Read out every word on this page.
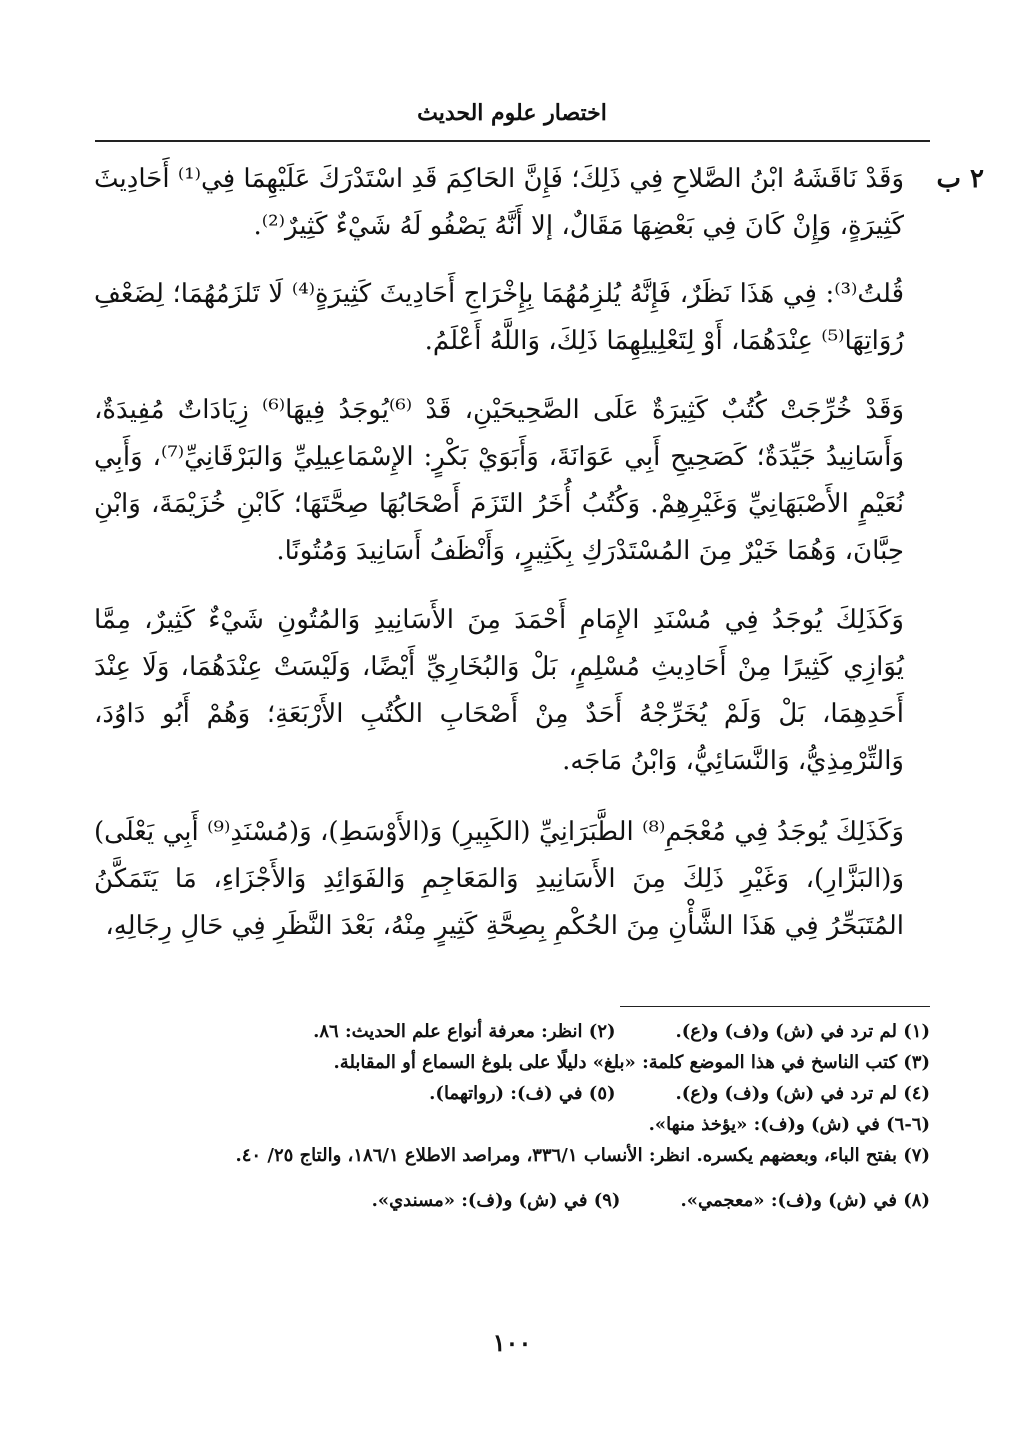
اختصار علوم الحديث
٢ ب

وَقَدْ نَاقَشَهُ ابْنُ الصَّلاحِ فِي ذَلِكَ؛ فَإِنَّ الحَاكِمَ قَدِ اسْتَدْرَكَ عَلَيْهِمَا فِي⁽¹⁾ أَحَادِيثَ كَثِيرَةٍ، وَإِنْ كَانَ فِي بَعْضِهَا مَقَالٌ، إلا أَنَّهُ يَصْفُو لَهُ شَيْءٌ كَثِيرٌ⁽²⁾.

قُلتُ⁽³⁾: فِي هَذَا نَظَرٌ، فَإِنَّهُ يُلزِمُهُمَا بِإِخْرَاجِ أَحَادِيثَ كَثِيرَةٍ⁽⁴⁾ لَا تَلزَمُهُمَا؛ لِضَعْفِ رُوَاتِهَا⁽⁵⁾ عِنْدَهُمَا، أَوْ لِتَعْلِيلِهِمَا ذَلِكَ، وَاللَّهُ أَعْلَمُ.

وَقَدْ خُرِّجَتْ كُتُبٌ كَثِيرَةٌ عَلَى الصَّحِيحَيْنِ، قَدْ ⁽⁶⁾يُوجَدُ فِيهَا⁽⁶⁾ زِيَادَاتٌ مُفِيدَةٌ، وَأَسَانِيدُ جَيِّدَةٌ؛ كَصَحِيحِ أَبِي عَوَانَةَ، وَأَبَوَيْ بَكْرٍ: الإِسْمَاعِيلِيِّ وَالبَرْقَانِيِّ⁽⁷⁾، وَأَبِي نُعَيْمٍ الأَصْبَهَانِيِّ وَغَيْرِهِمْ. وَكُتُبُ أُخَرُ التَزَمَ أَصْحَابُهَا صِحَّتَهَا؛ كَابْنِ خُزَيْمَةَ، وَابْنِ حِبَّانَ، وَهُمَا خَيْرٌ مِنَ المُسْتَدْرَكِ بِكَثِيرٍ، وَأَنْظَفُ أَسَانِيدَ وَمُتُونًا.

وَكَذَلِكَ يُوجَدُ فِي مُسْنَدِ الإِمَامِ أَحْمَدَ مِنَ الأَسَانِيدِ وَالمُتُونِ شَيْءٌ كَثِيرٌ، مِمَّا يُوَازِي كَثِيرًا مِنْ أَحَادِيثِ مُسْلِمٍ، بَلْ وَالبُخَارِيِّ أَيْضًا، وَلَيْسَتْ عِنْدَهُمَا، وَلَا عِنْدَ أَحَدِهِمَا، بَلْ وَلَمْ يُخَرِّجْهُ أَحَدٌ مِنْ أَصْحَابِ الكُتُبِ الأَرْبَعَةِ؛ وَهُمْ أَبُو دَاوُدَ، وَالتِّرْمِذِيُّ، وَالنَّسَائِيُّ، وَابْنُ مَاجَه.

وَكَذَلِكَ يُوجَدُ فِي مُعْجَمِ⁽⁸⁾ الطَّبَرَانِيِّ (الكَبِيرِ) وَ(الأَوْسَطِ)، وَ(مُسْنَدِ⁽⁹⁾ أَبِي يَعْلَى) وَ(البَزَّارِ)، وَغَيْرِ ذَلِكَ مِنَ الأَسَانِيدِ وَالمَعَاجِمِ وَالفَوَائِدِ وَالأَجْزَاءِ، مَا يَتَمَكَّنُ المُتَبَحِّرُ فِي هَذَا الشَّأْنِ مِنَ الحُكْمِ بِصِحَّةِ كَثِيرٍ مِنْهُ، بَعْدَ النَّظَرِ فِي حَالِ رِجَالِهِ،

(١) لم ترد في (ش) و(ف) و(ع).
(٢) انظر: معرفة أنواع علم الحديث: ٨٦.
(٣) كتب الناسخ في هذا الموضع كلمة: «بلغ» دليلًا على بلوغ السماع أو المقابلة.
(٤) لم ترد في (ش) و(ف) و(ع).
(٥) في (ف): (رواتهما).
(٦-٦) في (ش) و(ف): «يؤخذ منها».
(٧) بفتح الباء، وبعضهم يكسره. انظر: الأنساب ٣٣٦/١، ومراصد الاطلاع ١٨٦/١، والتاج ٢٥/ ٤٠.
(٨) في (ش) و(ف): «معجمي».
(٩) في (ش) و(ف): «مسندي».
١٠٠
